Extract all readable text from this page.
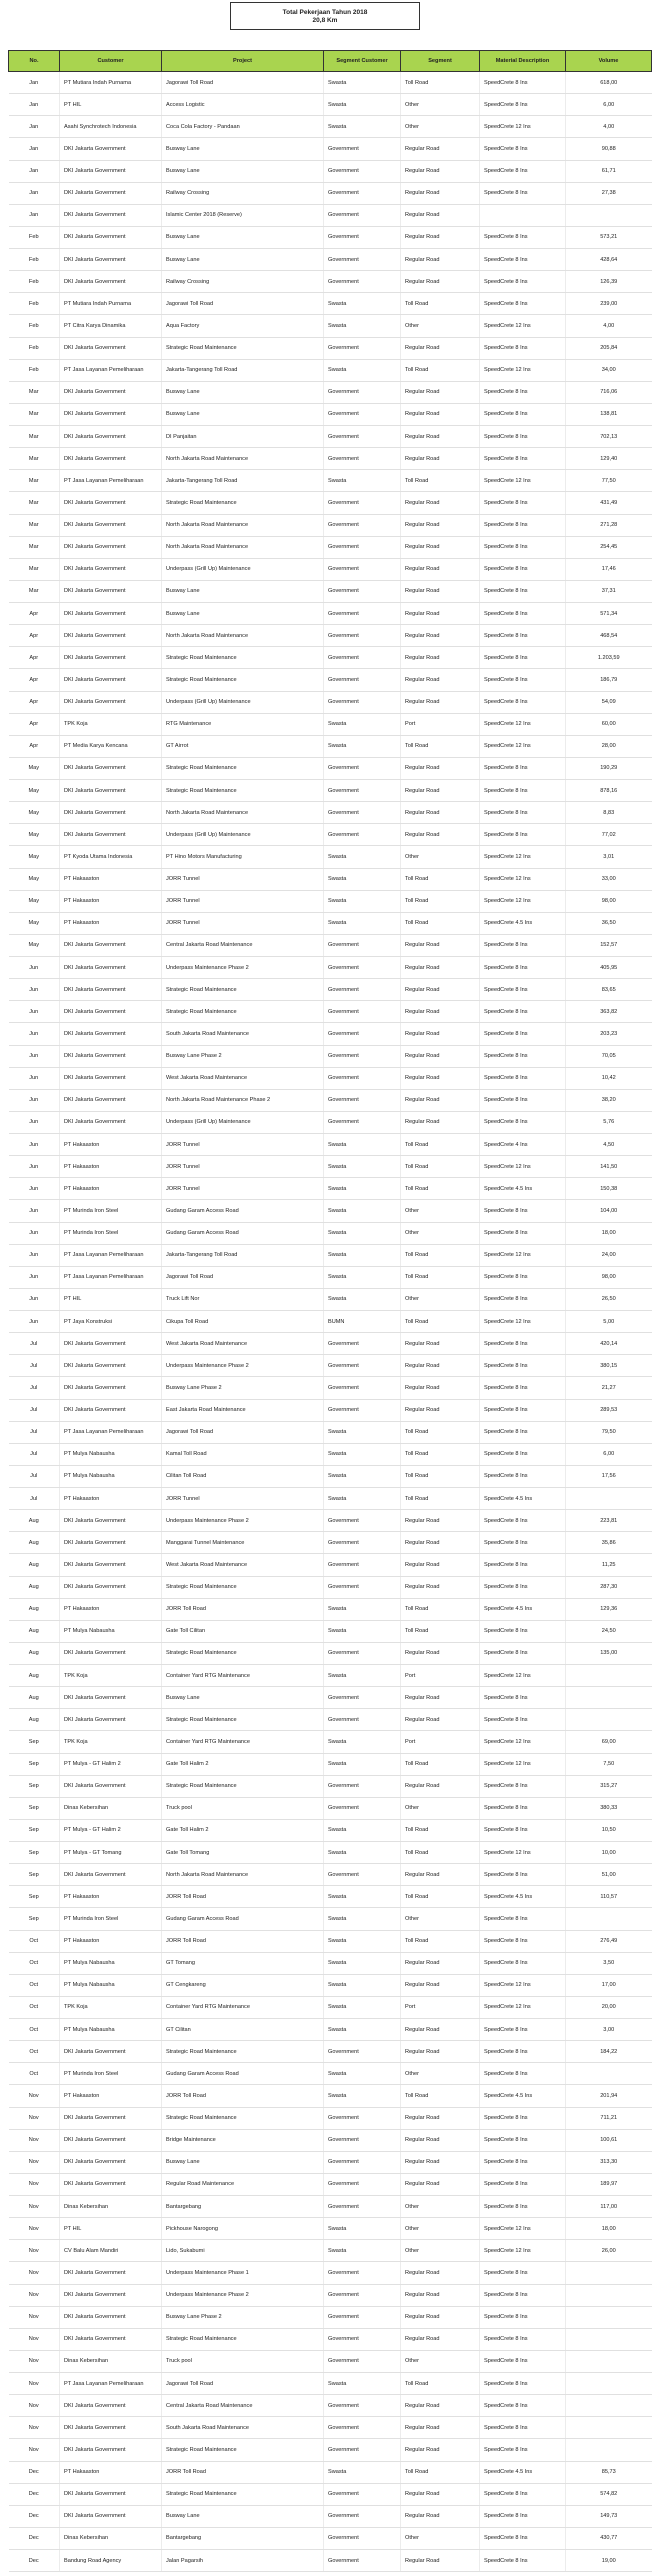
Total Pekerjaan Tahun 2018
20,8 Km
No.	Customer	Project	Segment Customer	Segment	Material Description	Volume
Jan	PT Mutiara Indah Purnama	Jagorawi Toll Road	Swasta	Toll Road	SpeedCrete 8 Ins	618,00
Jan	PT HIL	Access Logistic	Swasta	Other	SpeedCrete 8 Ins	6,00
Jan	Asahi Synchrotech Indonesia	Coca Cola Factory - Pandaan	Swasta	Other	SpeedCrete 12 Ins	4,00
Jan	DKI Jakarta Government	Busway Lane	Government	Regular Road	SpeedCrete 8 Ins	90,88
Jan	DKI Jakarta Government	Busway Lane	Government	Regular Road	SpeedCrete 8 Ins	61,71
Jan	DKI Jakarta Government	Railway Crossing	Government	Regular Road	SpeedCrete 8 Ins	27,38
Jan	DKI Jakarta Government	Islamic Center 2018 (Reserve)	Government	Regular Road		
Feb	DKI Jakarta Government	Busway Lane	Government	Regular Road	SpeedCrete 8 Ins	573,21
Feb	DKI Jakarta Government	Busway Lane	Government	Regular Road	SpeedCrete 8 Ins	428,64
Feb	DKI Jakarta Government	Railway Crossing	Government	Regular Road	SpeedCrete 8 Ins	126,39
Feb	PT Mutiara Indah Purnama	Jagorawi Toll Road	Swasta	Toll Road	SpeedCrete 8 Ins	239,00
Feb	PT Citra Karya Dinamika	Aqua Factory	Swasta	Other	SpeedCrete 12 Ins	4,00
Feb	DKI Jakarta Government	Strategic Road Maintenance	Government	Regular Road	SpeedCrete 8 Ins	205,84
Feb	PT Jasa Layanan Pemeliharaan	Jakarta-Tangerang Toll Road	Swasta	Toll Road	SpeedCrete 12 Ins	34,00
Mar	DKI Jakarta Government	Busway Lane	Government	Regular Road	SpeedCrete 8 Ins	716,06
Mar	DKI Jakarta Government	Busway Lane	Government	Regular Road	SpeedCrete 8 Ins	138,81
Mar	DKI Jakarta Government	DI Panjaitan	Government	Regular Road	SpeedCrete 8 Ins	702,13
Mar	DKI Jakarta Government	North Jakarta Road Maintenance	Government	Regular Road	SpeedCrete 8 Ins	129,40
Mar	PT Jasa Layanan Pemeliharaan	Jakarta-Tangerang Toll Road	Swasta	Toll Road	SpeedCrete 12 Ins	77,50
Mar	DKI Jakarta Government	Strategic Road Maintenance	Government	Regular Road	SpeedCrete 8 Ins	431,49
Mar	DKI Jakarta Government	North Jakarta Road Maintenance	Government	Regular Road	SpeedCrete 8 Ins	271,28
Mar	DKI Jakarta Government	North Jakarta Road Maintenance	Government	Regular Road	SpeedCrete 8 Ins	254,45
Mar	DKI Jakarta Government	Underpass (Grill Up) Maintenance	Government	Regular Road	SpeedCrete 8 Ins	17,46
Mar	DKI Jakarta Government	Busway Lane	Government	Regular Road	SpeedCrete 8 Ins	37,31
Apr	DKI Jakarta Government	Busway Lane	Government	Regular Road	SpeedCrete 8 Ins	571,34
Apr	DKI Jakarta Government	North Jakarta Road Maintenance	Government	Regular Road	SpeedCrete 8 Ins	468,54
Apr	DKI Jakarta Government	Strategic Road Maintenance	Government	Regular Road	SpeedCrete 8 Ins	1.203,59
Apr	DKI Jakarta Government	Strategic Road Maintenance	Government	Regular Road	SpeedCrete 8 Ins	186,79
Apr	DKI Jakarta Government	Underpass (Grill Up) Maintenance	Government	Regular Road	SpeedCrete 8 Ins	54,09
Apr	TPK Koja	RTG Maintenance	Swasta	Port	SpeedCrete 12 Ins	60,00
Apr	PT Media Karya Kencana	GT Airrot	Swasta	Toll Road	SpeedCrete 12 Ins	28,00
May	DKI Jakarta Government	Strategic Road Maintenance	Government	Regular Road	SpeedCrete 8 Ins	190,29
May	DKI Jakarta Government	Strategic Road Maintenance	Government	Regular Road	SpeedCrete 8 Ins	878,16
May	DKI Jakarta Government	North Jakarta Road Maintenance	Government	Regular Road	SpeedCrete 8 Ins	8,83
May	DKI Jakarta Government	Underpass (Grill Up) Maintenance	Government	Regular Road	SpeedCrete 8 Ins	77,02
May	PT Kyoda Utama Indonesia	PT Hino Motors Manufacturing	Swasta	Other	SpeedCrete 12 Ins	3,01
May	PT Hakaaston	JORR Tunnel	Swasta	Toll Road	SpeedCrete 12 Ins	33,00
May	PT Hakaaston	JORR Tunnel	Swasta	Toll Road	SpeedCrete 12 Ins	98,00
May	PT Hakaaston	JORR Tunnel	Swasta	Toll Road	SpeedCrete 4.5 Ins	36,50
May	DKI Jakarta Government	Central Jakarta Road Maintenance	Government	Regular Road	SpeedCrete 8 Ins	152,57
Jun	DKI Jakarta Government	Underpass Maintenance Phase 2	Government	Regular Road	SpeedCrete 8 Ins	405,95
Jun	DKI Jakarta Government	Strategic Road Maintenance	Government	Regular Road	SpeedCrete 8 Ins	83,65
Jun	DKI Jakarta Government	Strategic Road Maintenance	Government	Regular Road	SpeedCrete 8 Ins	363,82
Jun	DKI Jakarta Government	South Jakarta Road Maintenance	Government	Regular Road	SpeedCrete 8 Ins	203,23
Jun	DKI Jakarta Government	Busway Lane Phase 2	Government	Regular Road	SpeedCrete 8 Ins	70,05
Jun	DKI Jakarta Government	West Jakarta Road Maintenance	Government	Regular Road	SpeedCrete 8 Ins	10,42
Jun	DKI Jakarta Government	North Jakarta Road Maintenance Phase 2	Government	Regular Road	SpeedCrete 8 Ins	38,20
Jun	DKI Jakarta Government	Underpass (Grill Up) Maintenance	Government	Regular Road	SpeedCrete 8 Ins	5,76
Jun	PT Hakaaston	JORR Tunnel	Swasta	Toll Road	SpeedCrete 4 Ins	4,50
Jun	PT Hakaaston	JORR Tunnel	Swasta	Toll Road	SpeedCrete 12 Ins	141,50
Jun	PT Hakaaston	JORR Tunnel	Swasta	Toll Road	SpeedCrete 4.5 Ins	150,38
Jun	PT Murinda Iron Steel	Gudang Garam Access Road	Swasta	Other	SpeedCrete 8 Ins	104,00
Jun	PT Murinda Iron Steel	Gudang Garam Access Road	Swasta	Other	SpeedCrete 8 Ins	18,00
Jun	PT Jasa Layanan Pemeliharaan	Jakarta-Tangerang Toll Road	Swasta	Toll Road	SpeedCrete 12 Ins	24,00
Jun	PT Jasa Layanan Pemeliharaan	Jagorawi Toll Road	Swasta	Toll Road	SpeedCrete 8 Ins	98,00
Jun	PT HIL	Truck Lift Nor	Swasta	Other	SpeedCrete 8 Ins	26,50
Jun	PT Jaya Konstruksi	Cikupa Toll Road	BUMN	Toll Road	SpeedCrete 12 Ins	5,00
Jul	DKI Jakarta Government	West Jakarta Road Maintenance	Government	Regular Road	SpeedCrete 8 Ins	420,14
Jul	DKI Jakarta Government	Underpass Maintenance Phase 2	Government	Regular Road	SpeedCrete 8 Ins	380,15
Jul	DKI Jakarta Government	Busway Lane Phase 2	Government	Regular Road	SpeedCrete 8 Ins	21,27
Jul	DKI Jakarta Government	East Jakarta Road Maintenance	Government	Regular Road	SpeedCrete 8 Ins	289,53
Jul	PT Jasa Layanan Pemeliharaan	Jagorawi Toll Road	Swasta	Toll Road	SpeedCrete 8 Ins	79,50
Jul	PT Mulya Nabausha	Kamal Toll Road	Swasta	Toll Road	SpeedCrete 8 Ins	6,00
Jul	PT Mulya Nabausha	Cilitan Toll Road	Swasta	Toll Road	SpeedCrete 8 Ins	17,56
Jul	PT Hakaaston	JORR Tunnel	Swasta	Toll Road	SpeedCrete 4.5 Ins	
Aug	DKI Jakarta Government	Underpass Maintenance Phase 2	Government	Regular Road	SpeedCrete 8 Ins	223,81
Aug	DKI Jakarta Government	Manggarai Tunnel Maintenance	Government	Regular Road	SpeedCrete 8 Ins	35,86
Aug	DKI Jakarta Government	West Jakarta Road Maintenance	Government	Regular Road	SpeedCrete 8 Ins	11,25
Aug	DKI Jakarta Government	Strategic Road Maintenance	Government	Regular Road	SpeedCrete 8 Ins	287,30
Aug	PT Hakaaston	JORR Toll Road	Swasta	Toll Road	SpeedCrete 4.5 Ins	129,36
Aug	PT Mulya Nabausha	Gate Toll Cilitan	Swasta	Toll Road	SpeedCrete 8 Ins	24,50
Aug	DKI Jakarta Government	Strategic Road Maintenance	Government	Regular Road	SpeedCrete 8 Ins	135,00
Aug	TPK Koja	Container Yard RTG Maintenance	Swasta	Port	SpeedCrete 12 Ins	
Aug	DKI Jakarta Government	Busway Lane	Government	Regular Road	SpeedCrete 8 Ins	
Aug	DKI Jakarta Government	Strategic Road Maintenance	Government	Regular Road	SpeedCrete 8 Ins	
Sep	TPK Koja	Container Yard RTG Maintenance	Swasta	Port	SpeedCrete 12 Ins	69,00
Sep	PT Mulya - GT Halim 2	Gate Toll Halim 2	Swasta	Toll Road	SpeedCrete 12 Ins	7,50
Sep	DKI Jakarta Government	Strategic Road Maintenance	Government	Regular Road	SpeedCrete 8 Ins	315,27
Sep	Dinas Kebersihan	Truck pool	Government	Other	SpeedCrete 8 Ins	380,33
Sep	PT Mulya - GT Halim 2	Gate Toll Halim 2	Swasta	Toll Road	SpeedCrete 8 Ins	10,50
Sep	PT Mulya - GT Tomang	Gate Toll Tomang	Swasta	Toll Road	SpeedCrete 12 Ins	10,00
Sep	DKI Jakarta Government	North Jakarta Road Maintenance	Government	Regular Road	SpeedCrete 8 Ins	51,00
Sep	PT Hakaaston	JORR Toll Road	Swasta	Toll Road	SpeedCrete 4.5 Ins	110,57
Sep	PT Murinda Iron Steel	Gudang Garam Access Road	Swasta	Other	SpeedCrete 8 Ins	
Oct	PT Hakaaston	JORR Toll Road	Swasta	Toll Road	SpeedCrete 8 Ins	276,49
Oct	PT Mulya Nabausha	GT Tomang	Swasta	Regular Road	SpeedCrete 8 Ins	3,50
Oct	PT Mulya Nabausha	GT Cengkareng	Swasta	Regular Road	SpeedCrete 12 Ins	17,00
Oct	TPK Koja	Container Yard RTG Maintenance	Swasta	Port	SpeedCrete 12 Ins	20,00
Oct	PT Mulya Nabausha	GT Cilitan	Swasta	Regular Road	SpeedCrete 8 Ins	3,00
Oct	DKI Jakarta Government	Strategic Road Maintenance	Government	Regular Road	SpeedCrete 8 Ins	184,22
Oct	PT Murinda Iron Steel	Gudang Garam Access Road	Swasta	Other	SpeedCrete 8 Ins	
Nov	PT Hakaaston	JORR Toll Road	Swasta	Toll Road	SpeedCrete 4.5 Ins	201,94
Nov	DKI Jakarta Government	Strategic Road Maintenance	Government	Regular Road	SpeedCrete 8 Ins	711,21
Nov	DKI Jakarta Government	Bridge Maintenance	Government	Regular Road	SpeedCrete 8 Ins	100,61
Nov	DKI Jakarta Government	Busway Lane	Government	Regular Road	SpeedCrete 8 Ins	313,30
Nov	DKI Jakarta Government	Regular Road Maintenance	Government	Regular Road	SpeedCrete 8 Ins	189,97
Nov	Dinas Kebersihan	Bantargebang	Government	Other	SpeedCrete 8 Ins	117,00
Nov	PT HIL	Pickhouse Narogong	Swasta	Other	SpeedCrete 12 Ins	18,00
Nov	CV Balu Alam Mandiri	Lido, Sukabumi	Swasta	Other	SpeedCrete 12 Ins	26,00
Nov	DKI Jakarta Government	Underpass Maintenance Phase 1	Government	Regular Road	SpeedCrete 8 Ins	
Nov	DKI Jakarta Government	Underpass Maintenance Phase 2	Government	Regular Road	SpeedCrete 8 Ins	
Nov	DKI Jakarta Government	Busway Lane Phase 2	Government	Regular Road	SpeedCrete 8 Ins	
Nov	DKI Jakarta Government	Strategic Road Maintenance	Government	Regular Road	SpeedCrete 8 Ins	
Nov	Dinas Kebersihan	Truck pool	Government	Other	SpeedCrete 8 Ins	
Nov	PT Jasa Layanan Pemeliharaan	Jagorawi Toll Road	Swasta	Toll Road	SpeedCrete 8 Ins	
Nov	DKI Jakarta Government	Central Jakarta Road Maintenance	Government	Regular Road	SpeedCrete 8 Ins	
Nov	DKI Jakarta Government	South Jakarta Road Maintenance	Government	Regular Road	SpeedCrete 8 Ins	
Nov	DKI Jakarta Government	Strategic Road Maintenance	Government	Regular Road	SpeedCrete 8 Ins	
Dec	PT Hakaaston	JORR Toll Road	Swasta	Toll Road	SpeedCrete 4.5 Ins	85,73
Dec	DKI Jakarta Government	Strategic Road Maintenance	Government	Regular Road	SpeedCrete 8 Ins	574,82
Dec	DKI Jakarta Government	Busway Lane	Government	Regular Road	SpeedCrete 8 Ins	149,73
Dec	Dinas Kebersihan	Bantargebang	Government	Other	SpeedCrete 8 Ins	430,77
Dec	Bandung Road Agency	Jalan Pagarsih	Government	Regular Road	SpeedCrete 8 Ins	19,00
